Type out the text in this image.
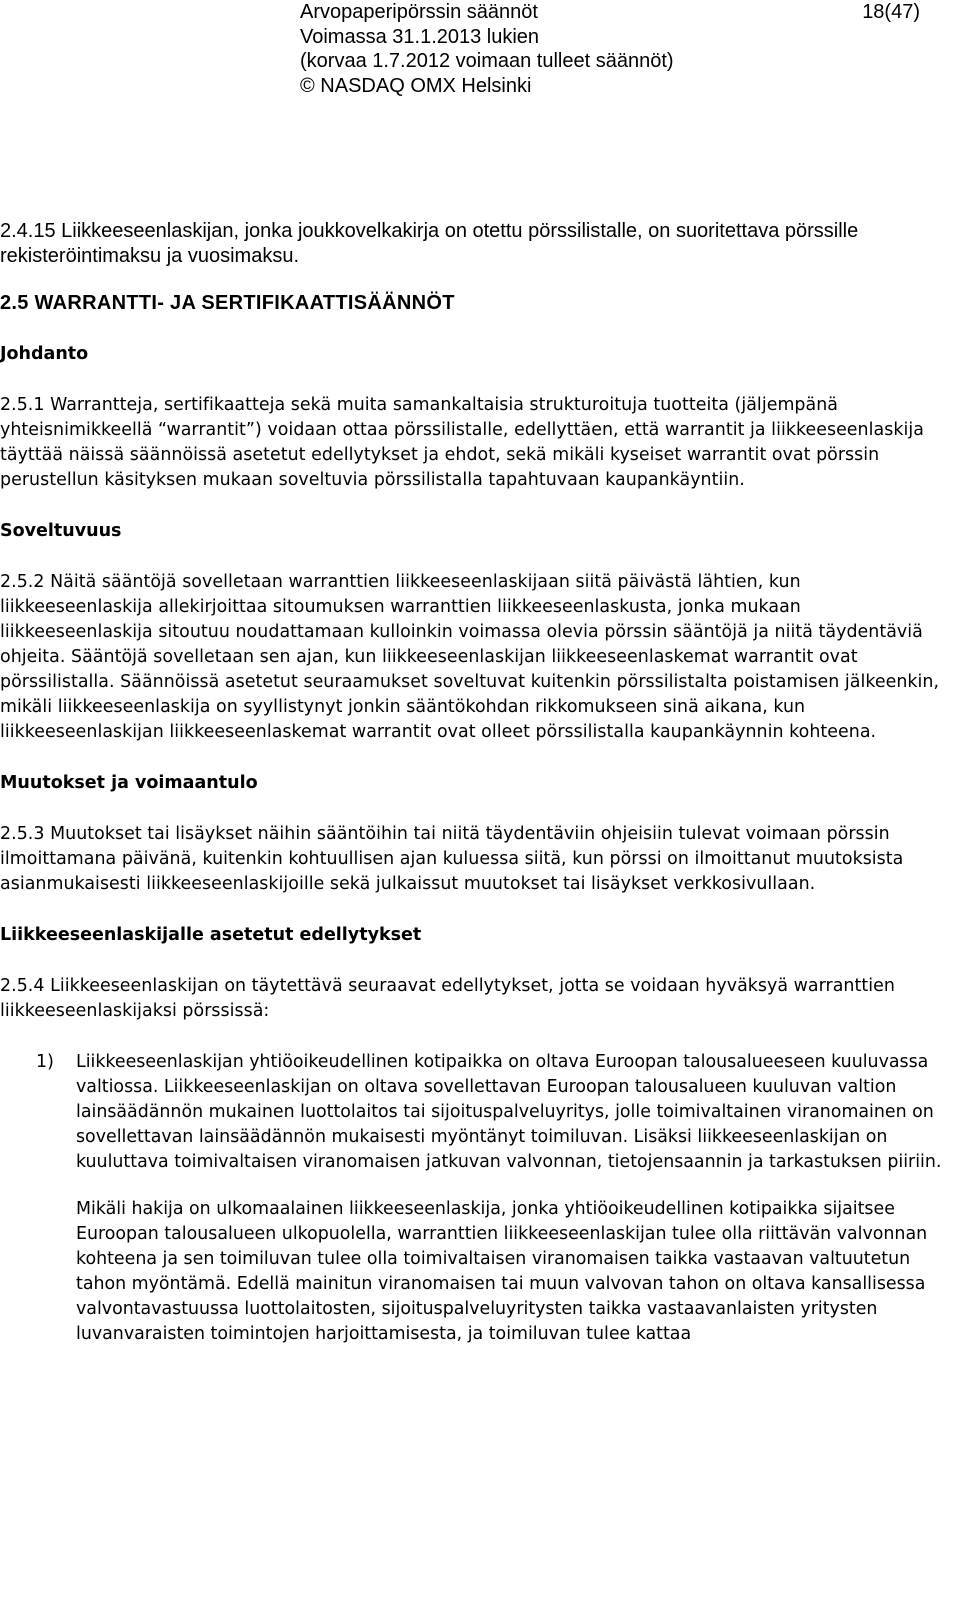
Arvopaperipörssin säännöt	18(47)
Voimassa 31.1.2013 lukien
(korvaa 1.7.2012 voimaan tulleet säännöt)
© NASDAQ OMX Helsinki

2.4.15 Liikkeeseenlaskijan, jonka joukkovelkakirja on otettu pörssilistalle, on suoritettava pörssille rekisteröintimaksu ja vuosimaksu.

2.5 WARRANTTI- JA SERTIFIKAATTISÄÄNNÖT

Johdanto

2.5.1 Warrantteja, sertifikaatteja sekä muita samankaltaisia strukturoituja tuotteita (jäljempänä yhteisnimikkeellä “warrantit”) voidaan ottaa pörssilistalle, edellyttäen, että warrantit ja liikkeeseenlaskija täyttää näissä säännöissä asetetut edellytykset ja ehdot, sekä mikäli kyseiset warrantit ovat pörssin perustellun käsityksen mukaan soveltuvia pörssilistalla tapahtuvaan kaupankäyntiin.

Soveltuvuus

2.5.2 Näitä sääntöjä sovelletaan warranttien liikkeeseenlaskijaan siitä päivästä lähtien, kun liikkeeseenlaskija allekirjoittaa sitoumuksen warranttien liikkeeseenlaskusta, jonka mukaan liikkeeseenlaskija sitoutuu noudattamaan kulloinkin voimassa olevia pörssin sääntöjä ja niitä täydentäviä ohjeita. Sääntöjä sovelletaan sen ajan, kun liikkeeseenlaskijan liikkeeseenlaskemat warrantit ovat pörssilistalla. Säännöissä asetetut seuraamukset soveltuvat kuitenkin pörssilistalta poistamisen jälkeenkin, mikäli liikkeeseenlaskija on syyllistynyt jonkin sääntökohdan rikkomukseen sinä aikana, kun liikkeeseenlaskijan liikkeeseenlaskemat warrantit ovat olleet pörssilistalla kaupankäynnin kohteena.

Muutokset ja voimaantulo

2.5.3 Muutokset tai lisäykset näihin sääntöihin tai niitä täydentäviin ohjeisiin tulevat voimaan pörssin ilmoittamana päivänä, kuitenkin kohtuullisen ajan kuluessa siitä, kun pörssi on ilmoittanut muutoksista asianmukaisesti liikkeeseenlaskijoille sekä julkaissut muutokset tai lisäykset verkkosivullaan.

Liikkeeseenlaskijalle asetetut edellytykset

2.5.4 Liikkeeseenlaskijan on täytettävä seuraavat edellytykset, jotta se voidaan hyväksyä warranttien liikkeeseenlaskijaksi pörssissä:

1)	Liikkeeseenlaskijan yhtiöoikeudellinen kotipaikka on oltava Euroopan talousalueeseen kuuluvassa valtiossa. Liikkeeseenlaskijan on oltava sovellettavan Euroopan talousalueen kuuluvan valtion lainsäädännön mukainen luottolaitos tai sijoituspalveluyritys, jolle toimivaltainen viranomainen on sovellettavan lainsäädännön mukaisesti myöntänyt toimiluvan. Lisäksi liikkeeseenlaskijan on kuuluttava toimivaltaisen viranomaisen jatkuvan valvonnan, tietojensaannin ja tarkastuksen piiriin.

Mikäli hakija on ulkomaalainen liikkeeseenlaskija, jonka yhtiöoikeudellinen kotipaikka sijaitsee Euroopan talousalueen ulkopuolella, warranttien liikkeeseenlaskijan tulee olla riittävän valvonnan kohteena ja sen toimiluvan tulee olla toimivaltaisen viranomaisen taikka vastaavan valtuutetun tahon myöntämä. Edellä mainitun viranomaisen tai muun valvovan tahon on oltava kansallisessa valvontavastuussa luottolaitosten, sijoituspalveluyritysten taikka vastaavanlaisten yritysten luvanvaraisten toimintojen harjoittamisesta, ja toimiluvan tulee kattaa
